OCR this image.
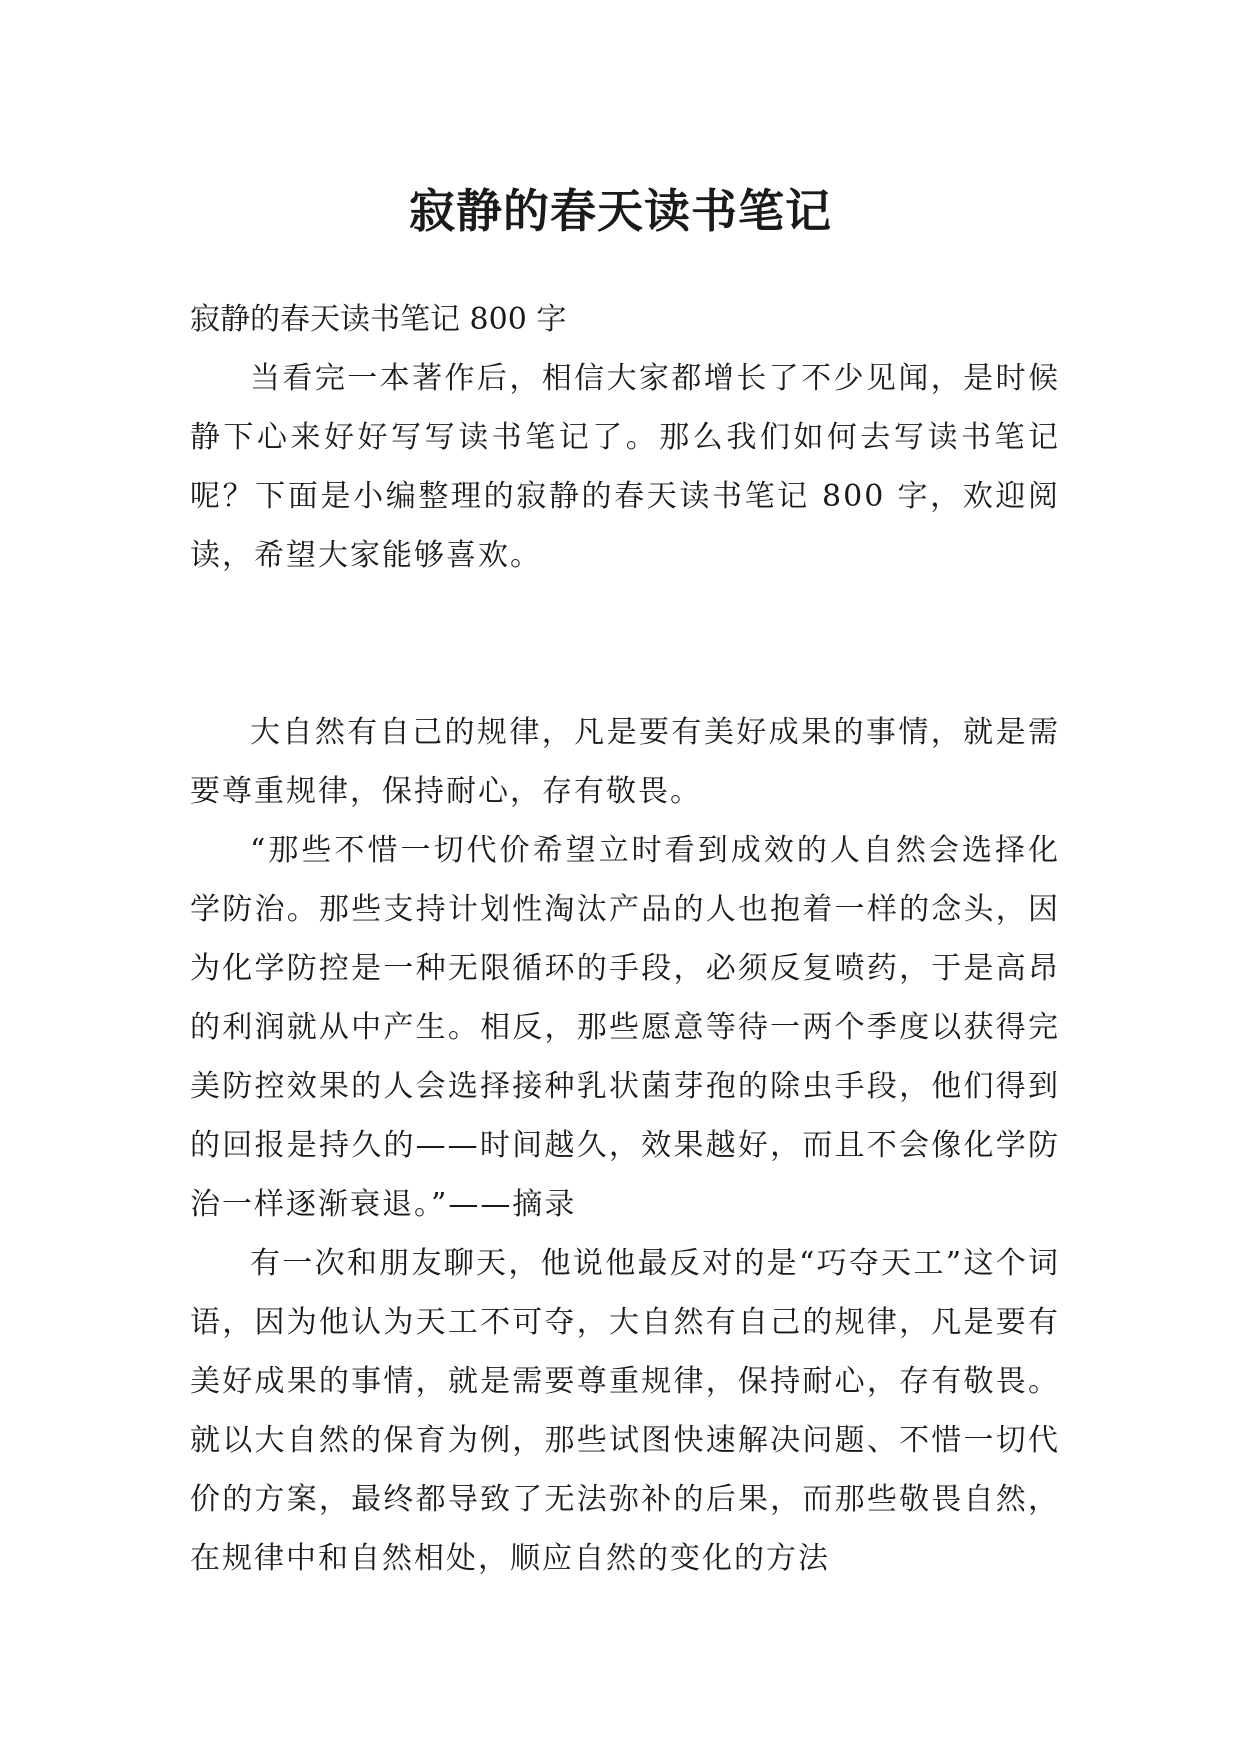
寂静的春天读书笔记

寂静的春天读书笔记 800 字

当看完一本著作后，相信大家都增长了不少见闻，是时候静下心来好好写写读书笔记了。那么我们如何去写读书笔记呢？下面是小编整理的寂静的春天读书笔记 800 字，欢迎阅读，希望大家能够喜欢。

大自然有自己的规律，凡是要有美好成果的事情，就是需要尊重规律，保持耐心，存有敬畏。

“那些不惜一切代价希望立时看到成效的人自然会选择化学防治。那些支持计划性淘汰产品的人也抱着一样的念头，因为化学防控是一种无限循环的手段，必须反复喷药，于是高昂的利润就从中产生。相反，那些愿意等待一两个季度以获得完美防控效果的人会选择接种乳状菌芽孢的除虫手段，他们得到的回报是持久的——时间越久，效果越好，而且不会像化学防治一样逐渐衰退。”——摘录

有一次和朋友聊天，他说他最反对的是“巧夺天工”这个词语，因为他认为天工不可夺，大自然有自己的规律，凡是要有美好成果的事情，就是需要尊重规律，保持耐心，存有敬畏。就以大自然的保育为例，那些试图快速解决问题、不惜一切代价的方案，最终都导致了无法弥补的后果，而那些敬畏自然，在规律中和自然相处，顺应自然的变化的方法
